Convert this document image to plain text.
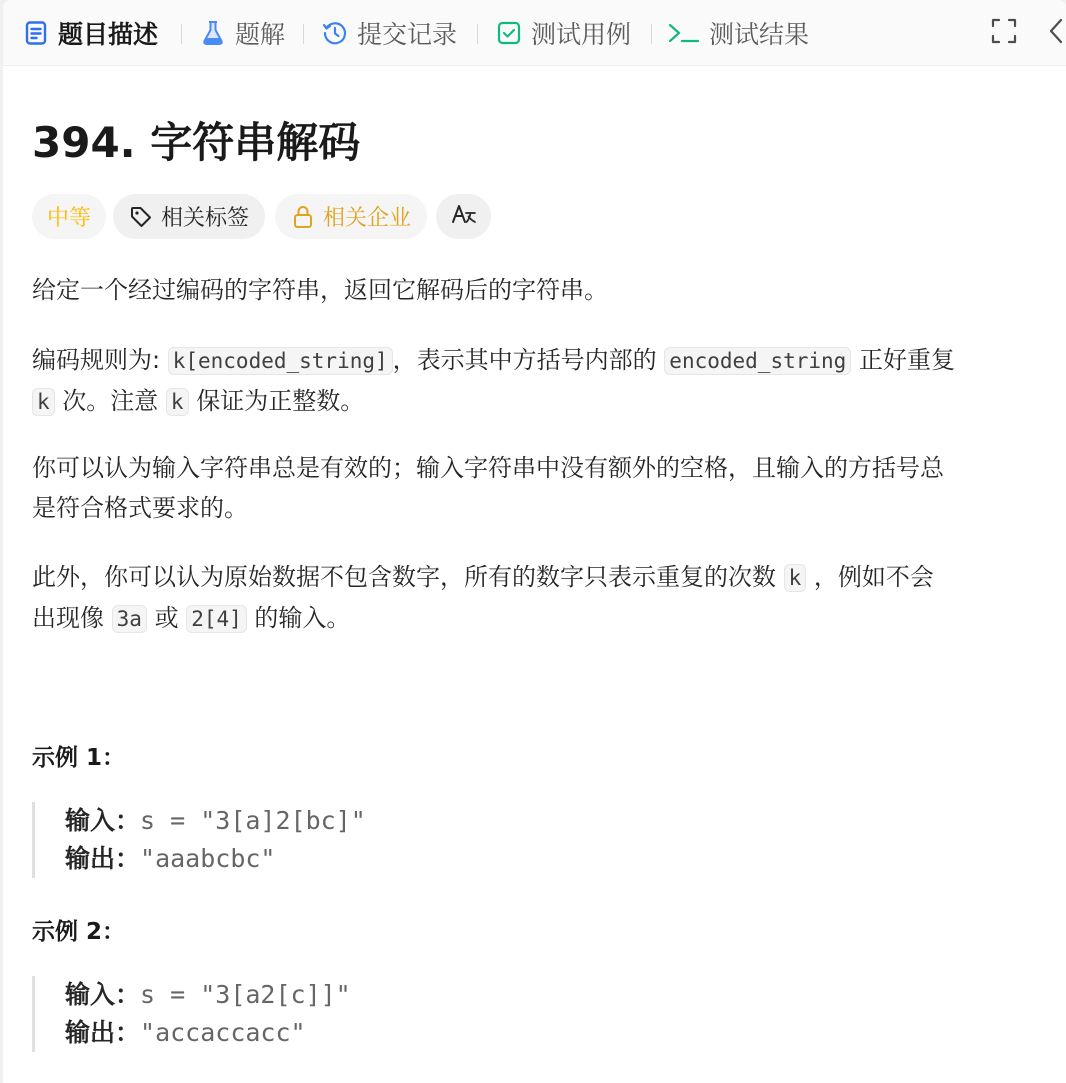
题目描述	题解	提交记录	测试用例	测试结果
394. 字符串解码
中等	相关标签	相关企业
给定一个经过编码的字符串，返回它解码后的字符串。
编码规则为: k[encoded_string] ，表示其中方括号内部的 encoded_string 正好重复
k 次。注意 k 保证为正整数。
你可以认为输入字符串总是有效的；输入字符串中没有额外的空格，且输入的方括号总
是符合格式要求的。
此外，你可以认为原始数据不包含数字，所有的数字只表示重复的次数 k ，例如不会
出现像 3a 或 2[4] 的输入。
示例 1：
输入：s = "3[a]2[bc]"
输出："aaabcbc"
示例 2：
输入：s = "3[a2[c]]"
输出："accaccacc"
